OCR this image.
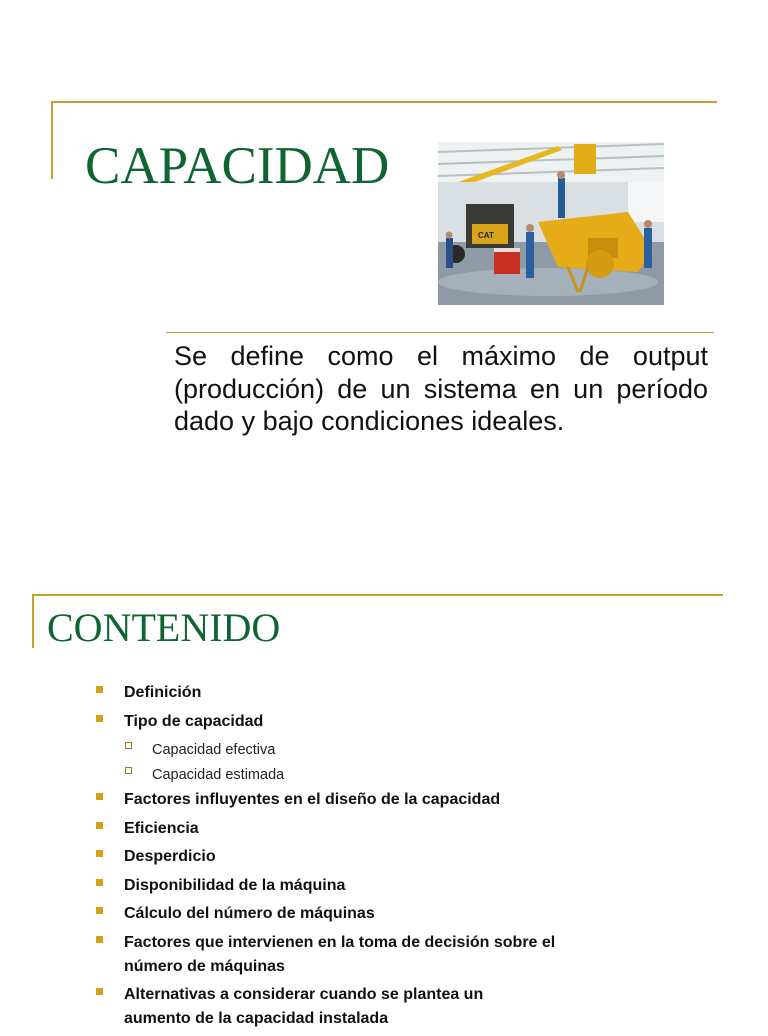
CAPACIDAD
CAT

Se define como el máximo de output (producción) de un sistema en un período dado y bajo condiciones ideales.

CONTENIDO
Definición
Tipo de capacidad
Capacidad efectiva
Capacidad estimada
Factores influyentes en el diseño de la capacidad
Eficiencia
Desperdicio
Disponibilidad de la máquina
Cálculo del número de máquinas
Factores que intervienen en la toma de decisión sobre el número de máquinas
Alternativas a considerar cuando se plantea un aumento de la capacidad instalada
